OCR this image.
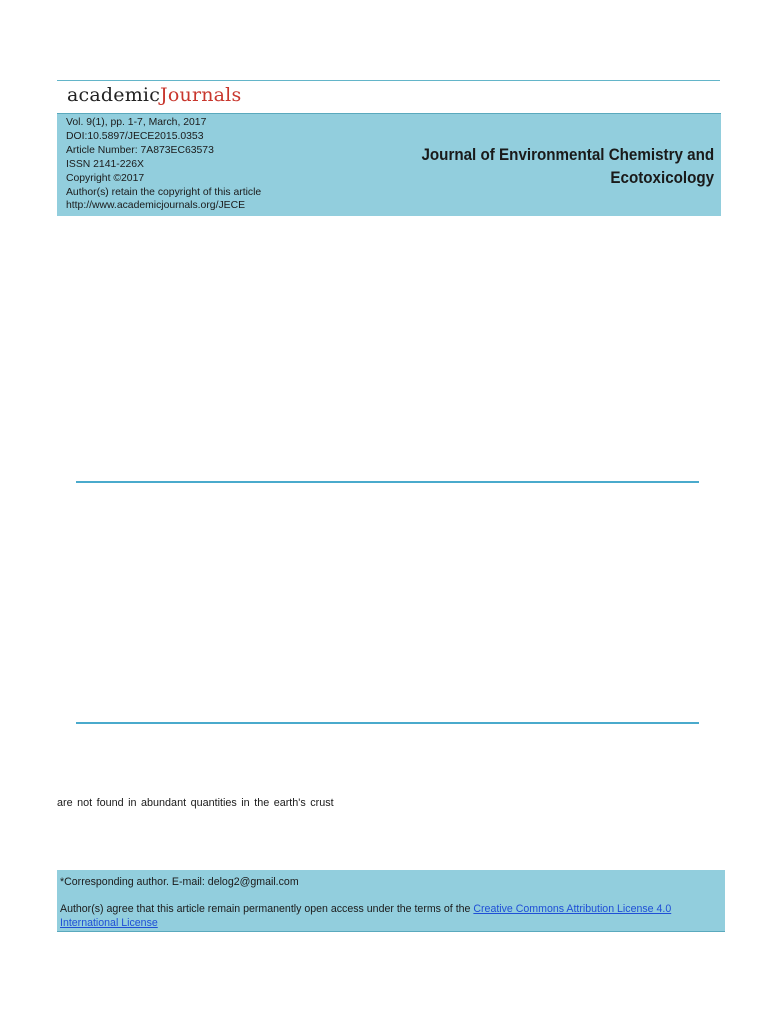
academicJournals
Vol. 9(1), pp. 1-7, March, 2017
DOI:10.5897/JECE2015.0353
Article Number: 7A873EC63573
ISSN 2141-226X
Copyright ©2017
Author(s) retain the copyright of this article
http://www.academicjournals.org/JECE
Journal of Environmental Chemistry and
Ecotoxicology
are not found in abundant quantities in the earth's crust
*Corresponding author. E-mail: delog2@gmail.com
Author(s) agree that this article remain permanently open access under the terms of the Creative Commons Attribution License 4.0 International License
